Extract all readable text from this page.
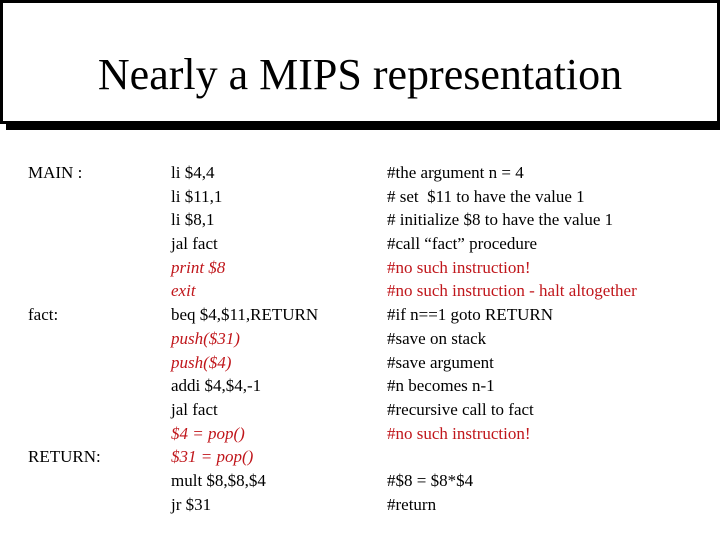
Nearly a MIPS representation
MAIN :
fact:
RETURN:
li $4,4
li $11,1
li $8,1
jal fact
print $8
exit
beq $4,$11,RETURN
push($31)
push($4)
addi $4,$4,-1
jal fact
$4 = pop()
$31 = pop()
mult $8,$8,$4
jr $31
#the argument n = 4
# set  $11 to have the value 1
# initialize $8 to have the value 1
#call “fact” procedure
#no such instruction!
#no such instruction - halt altogether
#if n==1 goto RETURN
#save on stack
#save argument
#n becomes n-1
#recursive call to fact
#no such instruction!
#$8 = $8*$4
#return
